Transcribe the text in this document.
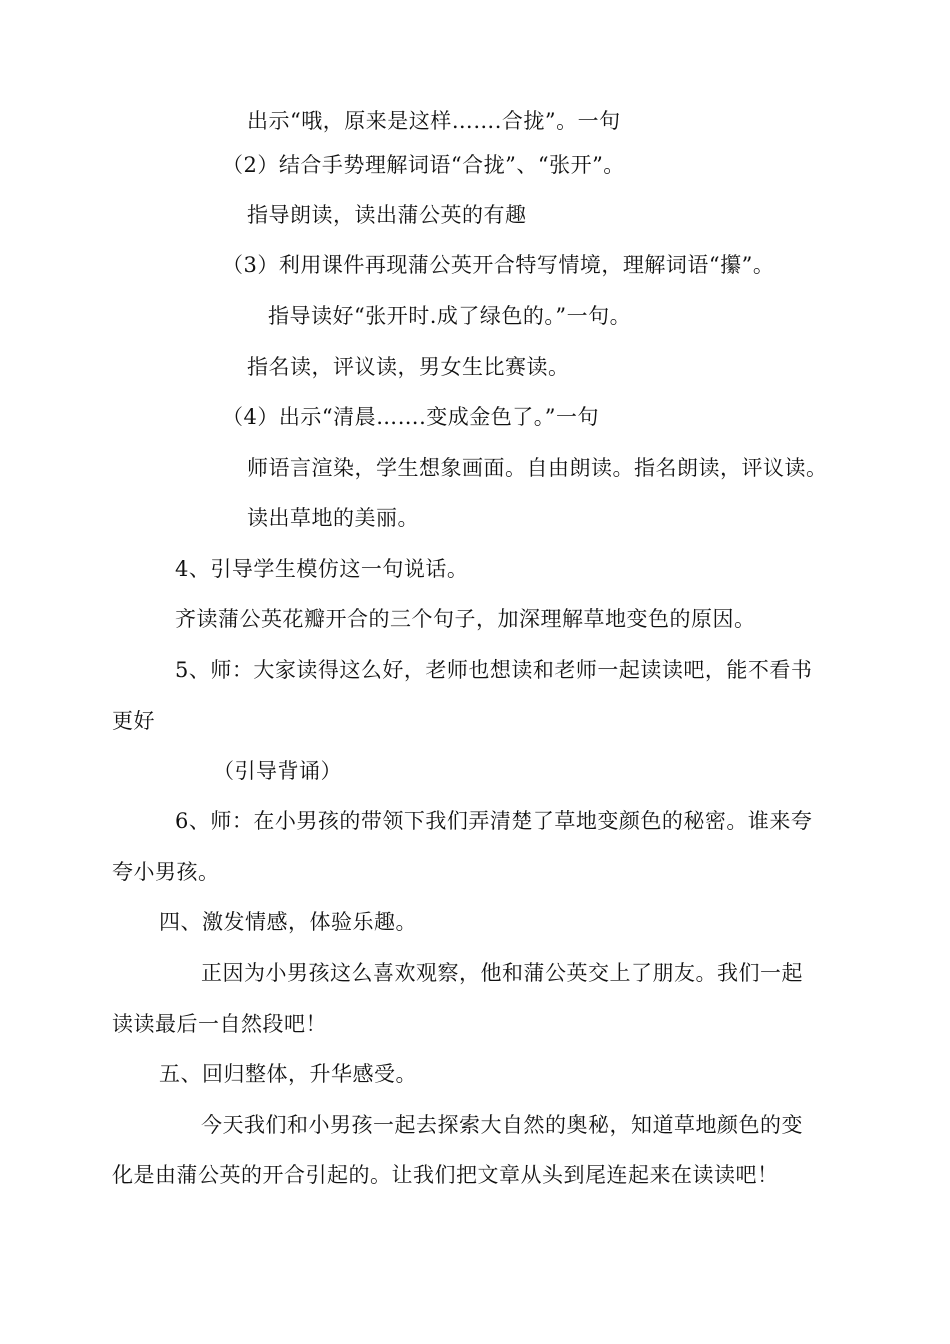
出示“哦，原来是这样…….合拢”。一句
（2）结合手势理解词语“合拢”、“张开”。
指导朗读，读出蒲公英的有趣
（3）利用课件再现蒲公英开合特写情境，理解词语“攥”。
指导读好“张开时.成了绿色的。”一句。
指名读，评议读，男女生比赛读。
（4）出示“清晨…….变成金色了。”一句
师语言渲染，学生想象画面。自由朗读。指名朗读，评议读。
读出草地的美丽。
4、引导学生模仿这一句说话。
齐读蒲公英花瓣开合的三个句子，加深理解草地变色的原因。
5、师：大家读得这么好，老师也想读和老师一起读读吧，能不看书
更好
（引导背诵）
6、师：在小男孩的带领下我们弄清楚了草地变颜色的秘密。谁来夸
夸小男孩。
四、激发情感，体验乐趣。
正因为小男孩这么喜欢观察，他和蒲公英交上了朋友。我们一起
读读最后一自然段吧！
五、回归整体，升华感受。
今天我们和小男孩一起去探索大自然的奥秘，知道草地颜色的变
化是由蒲公英的开合引起的。让我们把文章从头到尾连起来在读读吧！
